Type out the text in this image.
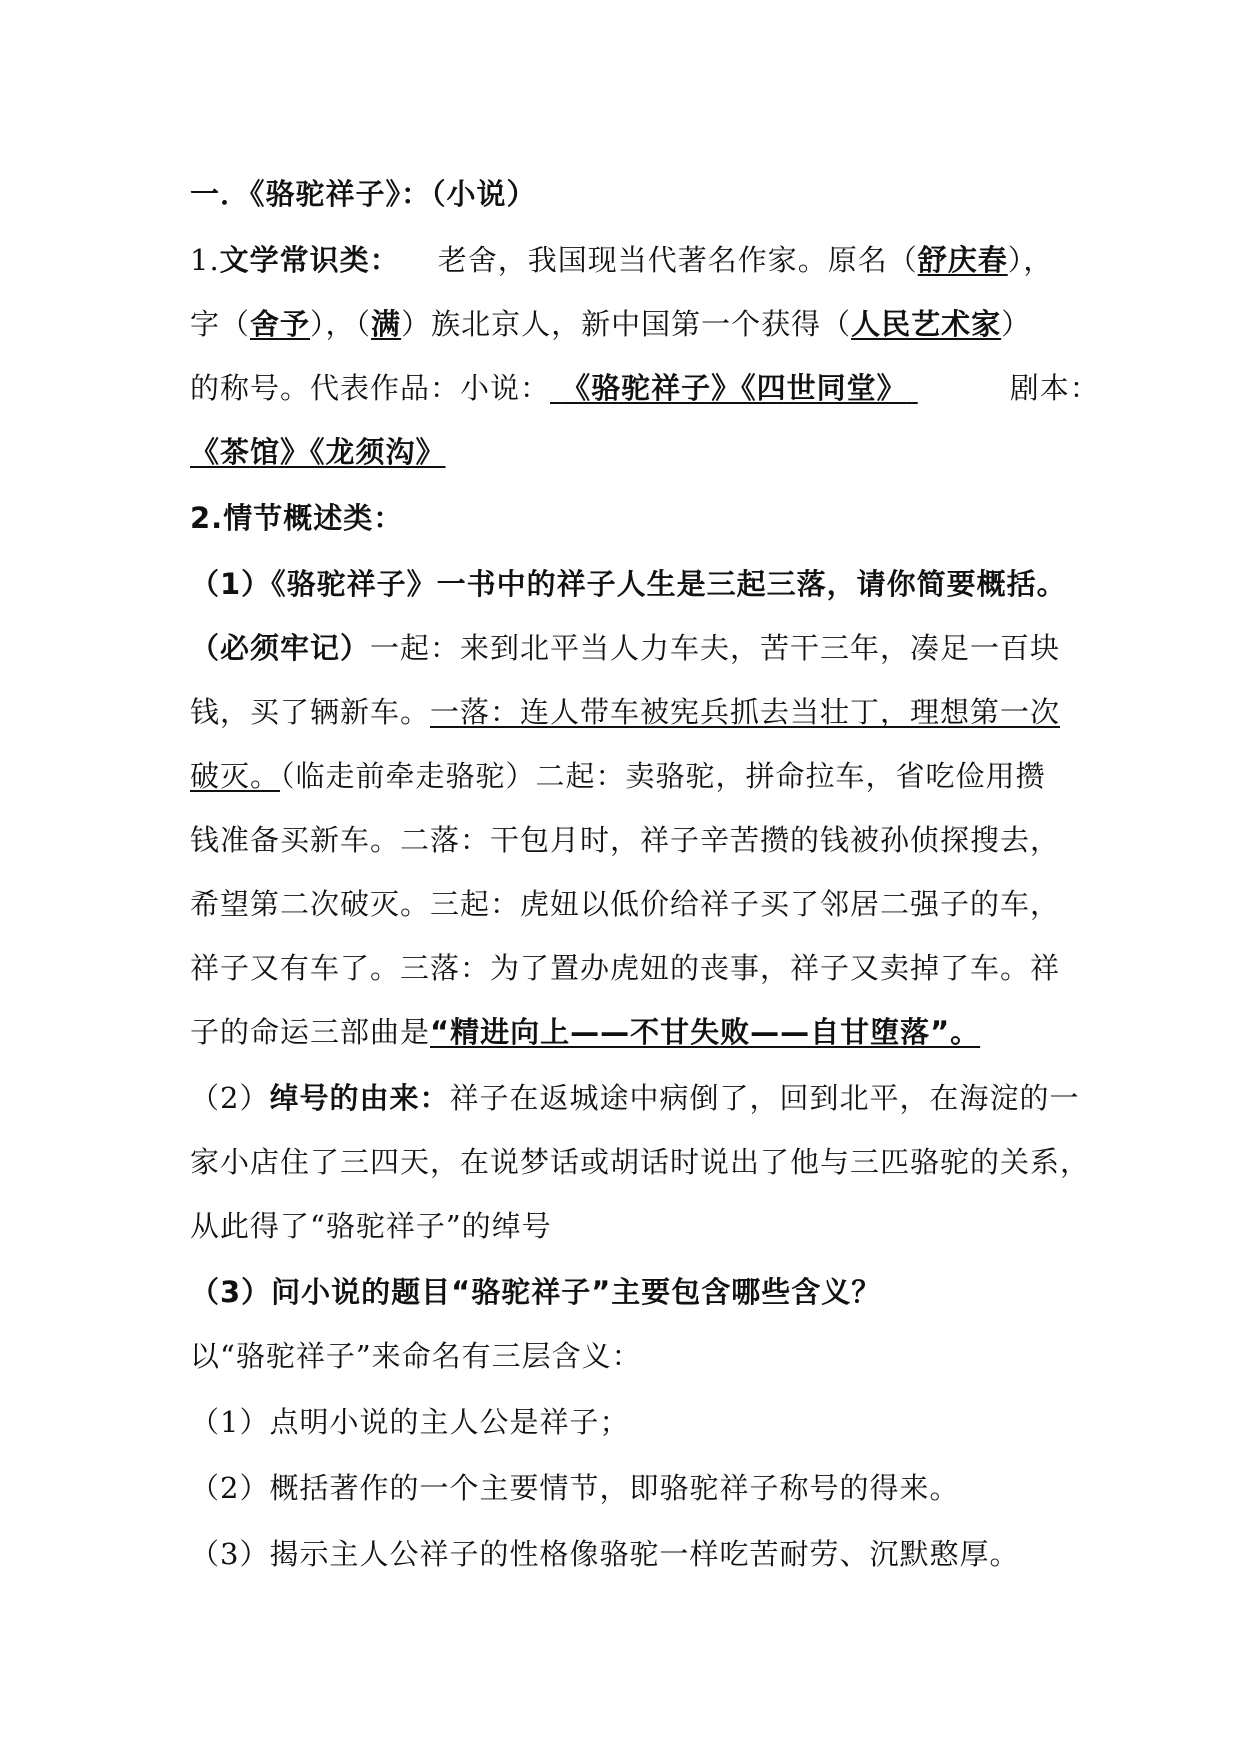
一．《骆驼祥子》：（小说）
1.文学常识类： 老舍，我国现当代著名作家。原名（舒庆春），
字（舍予），（满）族北京人，新中国第一个获得（人民艺术家）
的称号。代表作品：小说： 《骆驼祥子》《四世同堂》	剧本：
《茶馆》《龙须沟》
2.情节概述类：
（1）《骆驼祥子》一书中的祥子人生是三起三落，请你简要概括。
（必须牢记）一起：来到北平当人力车夫，苦干三年，凑足一百块
钱，买了辆新车。一落：连人带车被宪兵抓去当壮丁，理想第一次
破灭。（临走前牵走骆驼）二起：卖骆驼，拼命拉车，省吃俭用攒
钱准备买新车。二落：干包月时，祥子辛苦攒的钱被孙侦探搜去，
希望第二次破灭。三起：虎妞以低价给祥子买了邻居二强子的车，
祥子又有车了。三落：为了置办虎妞的丧事，祥子又卖掉了车。祥
子的命运三部曲是“精进向上——不甘失败——自甘堕落”。
（2）绰号的由来：祥子在返城途中病倒了，回到北平，在海淀的一
家小店住了三四天，在说梦话或胡话时说出了他与三匹骆驼的关系，
从此得了“骆驼祥子”的绰号
（3）问小说的题目“骆驼祥子”主要包含哪些含义？
以“骆驼祥子”来命名有三层含义：
（1）点明小说的主人公是祥子；
（2）概括著作的一个主要情节，即骆驼祥子称号的得来。
（3）揭示主人公祥子的性格像骆驼一样吃苦耐劳、沉默憨厚。
